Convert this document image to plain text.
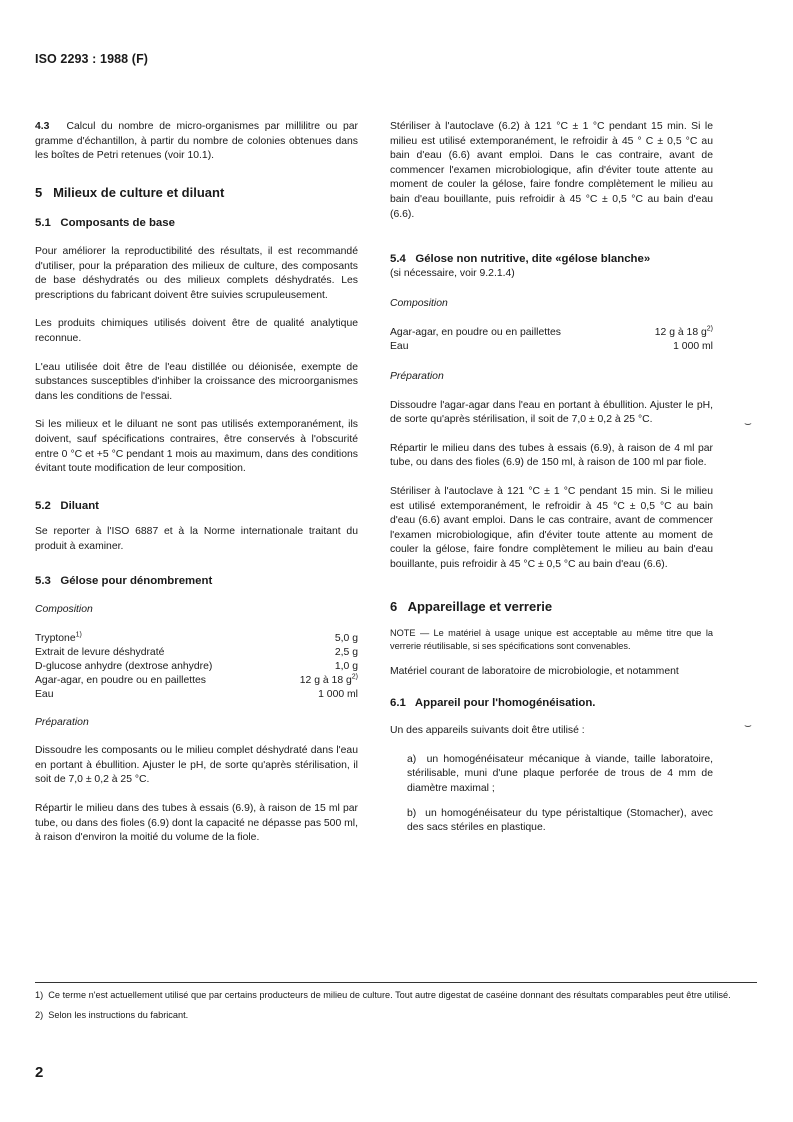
ISO 2293 : 1988 (F)

4.3 Calcul du nombre de micro-organismes par millilitre ou par gramme d'échantillon, à partir du nombre de colonies obtenues dans les boîtes de Petri retenues (voir 10.1).

5 Milieux de culture et diluant
5.1 Composants de base

Pour améliorer la reproductibilité des résultats, il est recommandé d'utiliser, pour la préparation des milieux de culture, des composants de base déshydratés ou des milieux complets déshydratés. Les prescriptions du fabricant doivent être suivies scrupuleusement.

Les produits chimiques utilisés doivent être de qualité analytique reconnue.

L'eau utilisée doit être de l'eau distillée ou déionisée, exempte de substances susceptibles d'inhiber la croissance des microorganismes dans les conditions de l'essai.

Si les milieux et le diluant ne sont pas utilisés extemporanément, ils doivent, sauf spécifications contraires, être conservés à l'obscurité entre 0 °C et +5 °C pendant 1 mois au maximum, dans des conditions évitant toute modification de leur composition.

5.2 Diluant

Se reporter à l'ISO 6887 et à la Norme internationale traitant du produit à examiner.

5.3 Gélose pour dénombrement
Composition
Tryptone$^{1)}$	5,0 g
Extrait de levure déshydraté	2,5 g
D-glucose anhydre (dextrose anhydre)	1,0 g
Agar-agar, en poudre ou en paillettes	12 g à 18 $g^{2)}$
Eau	1 000 ml
Préparation

Dissoudre les composants ou le milieu complet déshydraté dans l'eau en portant à ébullition. Ajuster le pH, de sorte qu'après stérilisation, il soit de 7,0 ± 0,2 à 25 °C.

Répartir le milieu dans des tubes à essais (6.9), à raison de 15 ml par tube, ou dans des fioles (6.9) dont la capacité ne dépasse pas 500 ml, à raison d'environ la moitié du volume de la fiole.

Stériliser à l'autoclave (6.2) à 121 °C ± 1 °C pendant 15 min. Si le milieu est utilisé extemporanément, le refroidir à 45 ° C ± 0,5 °C au bain d'eau (6.6) avant emploi. Dans le cas contraire, avant de commencer l'examen microbiologique, afin d'éviter toute attente au moment de couler la gélose, faire fondre complètement le milieu au bain d'eau bouillante, puis refroidir à 45 °C ± 0,5 °C au bain d'eau (6.6).

5.4 Gélose non nutritive, dite «gélose blanche»
(si nécessaire, voir 9.2.1.4)
Composition
Agar-agar, en poudre ou en paillettes	12 g à 18 $g^{2)}$
Eau	1 000 ml
Préparation

Dissoudre l'agar-agar dans l'eau en portant à ébullition. Ajuster le pH, de sorte qu'après stérilisation, il soit de 7,0 ± 0,2 à 25 °C.

Répartir le milieu dans des tubes à essais (6.9), à raison de 4 ml par tube, ou dans des fioles (6.9) de 150 ml, à raison de 100 ml par fiole.

Stériliser à l'autoclave à 121 °C ± 1 °C pendant 15 min. Si le milieu est utilisé extemporanément, le refroidir à 45 °C ± 0,5 °C au bain d'eau (6.6) avant emploi. Dans le cas contraire, avant de commencer l'examen microbiologique, afin d'éviter toute attente au moment de couler la gélose, faire fondre complètement le milieu au bain d'eau bouillante, puis refroidir à 45 °C ± 0,5 °C au bain d'eau (6.6).

6 Appareillage et verrerie

NOTE — Le matériel à usage unique est acceptable au même titre que la verrerie réutilisable, si ses spécifications sont convenables.

Matériel courant de laboratoire de microbiologie, et notamment

6.1 Appareil pour l'homogénéisation.

Un des appareils suivants doit être utilisé :

a) un homogénéisateur mécanique à viande, taille laboratoire, stérilisable, muni d'une plaque perforée de trous de 4 mm de diamètre maximal ;

b) un homogénéisateur du type péristaltique (Stomacher), avec des sacs stériles en plastique.

⌣
⌣
1) Ce terme n'est actuellement utilisé que par certains producteurs de milieu de culture. Tout autre digestat de caséine donnant des résultats comparables peut être utilisé.
2) Selon les instructions du fabricant.
2
